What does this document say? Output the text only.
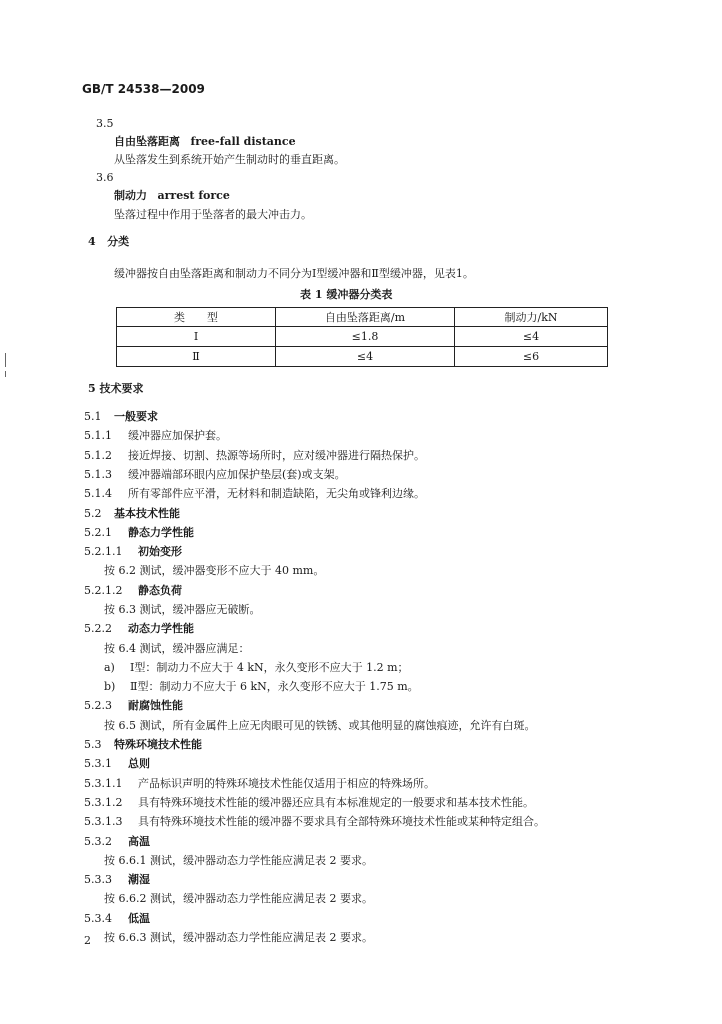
GB/T 24538—2009
3.5
自由坠落距离 free-fall distance
从坠落发生到系统开始产生制动时的垂直距离。
3.6
制动力 arrest force
坠落过程中作用于坠落者的最大冲击力。
4 分类
缓冲器按自由坠落距离和制动力不同分为Ⅰ型缓冲器和Ⅱ型缓冲器，见表1。
表 1 缓冲器分类表
类　　型	自由坠落距离/m	制动力/kN
Ⅰ	≤1.8	≤4
Ⅱ	≤4	≤6
5 技术要求
5.1 一般要求
5.1.1 缓冲器应加保护套。
5.1.2 接近焊接、切割、热源等场所时，应对缓冲器进行隔热保护。
5.1.3 缓冲器端部环眼内应加保护垫层(套)或支架。
5.1.4 所有零部件应平滑，无材料和制造缺陷，无尖角或锋利边缘。
5.2 基本技术性能
5.2.1 静态力学性能
5.2.1.1 初始变形
按 6.2 测试，缓冲器变形不应大于 40 mm。
5.2.1.2 静态负荷
按 6.3 测试，缓冲器应无破断。
5.2.2 动态力学性能
按 6.4 测试，缓冲器应满足：
a) Ⅰ型：制动力不应大于 4 kN，永久变形不应大于 1.2 m；
b) Ⅱ型：制动力不应大于 6 kN，永久变形不应大于 1.75 m。
5.2.3 耐腐蚀性能
按 6.5 测试，所有金属件上应无肉眼可见的铁锈、或其他明显的腐蚀痕迹，允许有白斑。
5.3 特殊环境技术性能
5.3.1 总则
5.3.1.1 产品标识声明的特殊环境技术性能仅适用于相应的特殊场所。
5.3.1.2 具有特殊环境技术性能的缓冲器还应具有本标准规定的一般要求和基本技术性能。
5.3.1.3 具有特殊环境技术性能的缓冲器不要求具有全部特殊环境技术性能或某种特定组合。
5.3.2 高温
按 6.6.1 测试，缓冲器动态力学性能应满足表 2 要求。
5.3.3 潮湿
按 6.6.2 测试，缓冲器动态力学性能应满足表 2 要求。
5.3.4 低温
按 6.6.3 测试，缓冲器动态力学性能应满足表 2 要求。
2
